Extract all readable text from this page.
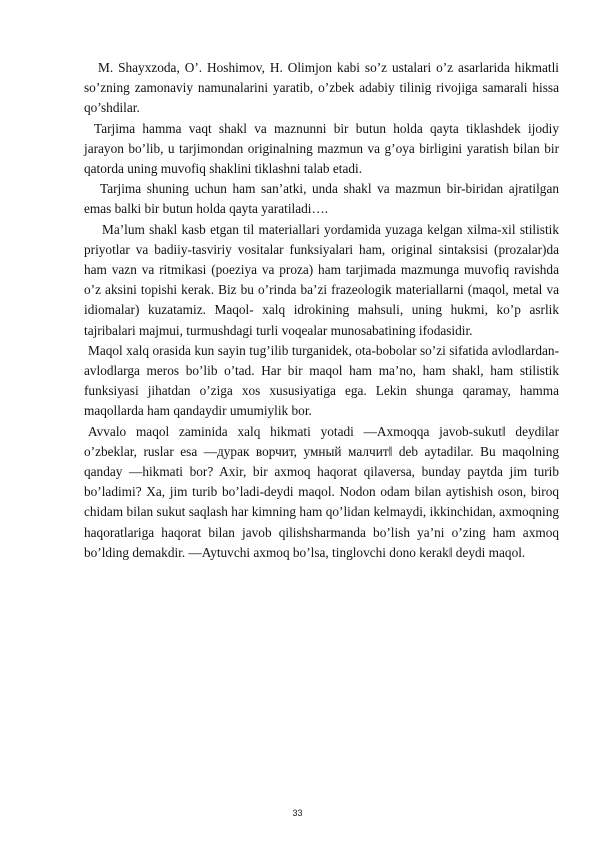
M. Shayxzoda, O’. Hoshimov, H. Olimjon kabi so’z ustalari o’z asarlarida hikmatli so’zning zamonaviy namunalarini yaratib, o’zbek adabiy tilinig rivojiga samarali hissa qo’shdilar.

Tarjima hamma vaqt shakl va maznunni bir butun holda qayta tiklashdek ijodiy jarayon bo’lib, u tarjimondan originalning mazmun va g’oya birligini yaratish bilan bir qatorda uning muvofiq shaklini tiklashni talab etadi.

Tarjima shuning uchun ham san’atki, unda shakl va mazmun bir-biridan ajratilgan emas balki bir butun holda qayta yaratiladi….

Ma’lum shakl kasb etgan til materiallari yordamida yuzaga kelgan xilma-xil stilistik priyotlar va badiiy-tasviriy vositalar funksiyalari ham, original sintaksisi (prozalar)da ham vazn va ritmikasi (poeziya va proza) ham tarjimada mazmunga muvofiq ravishda o’z aksini topishi kerak. Biz bu o’rinda ba’zi frazeologik materiallarni (maqol, metal va idiomalar) kuzatamiz. Maqol- xalq idrokining mahsuli, uning hukmi, ko’p asrlik tajribalari majmui, turmushdagi turli voqealar munosabatining ifodasidir.

Maqol xalq orasida kun sayin tug’ilib turganidek, ota-bobolar so’zi sifatida avlodlardan-avlodlarga meros bo’lib o’tad. Har bir maqol ham ma’no, ham shakl, ham stilistik funksiyasi jihatdan o’ziga xos xususiyatiga ega. Lekin shunga qaramay, hamma maqollarda ham qandaydir umumiylik bor.

Avvalo maqol zaminida xalq hikmati yotadi ―Axmoqqa javob-sukut‖ deydilar o’zbeklar, ruslar esa ―дурак ворчит, умный малчит‖ deb aytadilar. Bu maqolning qanday ―hikmati bor? Axir, bir axmoq haqorat qilaversa, bunday paytda jim turib bo’ladimi? Xa, jim turib bo’ladi-deydi maqol. Nodon odam bilan aytishish oson, biroq chidam bilan sukut saqlash har kimning ham qo’lidan kelmaydi, ikkinchidan, axmoqning haqoratlariga haqorat bilan javob qilishsharmanda bo’lish ya’ni o’zing ham axmoq bo’lding demakdir. ―Aytuvchi axmoq bo’lsa, tinglovchi dono kerak‖ deydi maqol.

33
